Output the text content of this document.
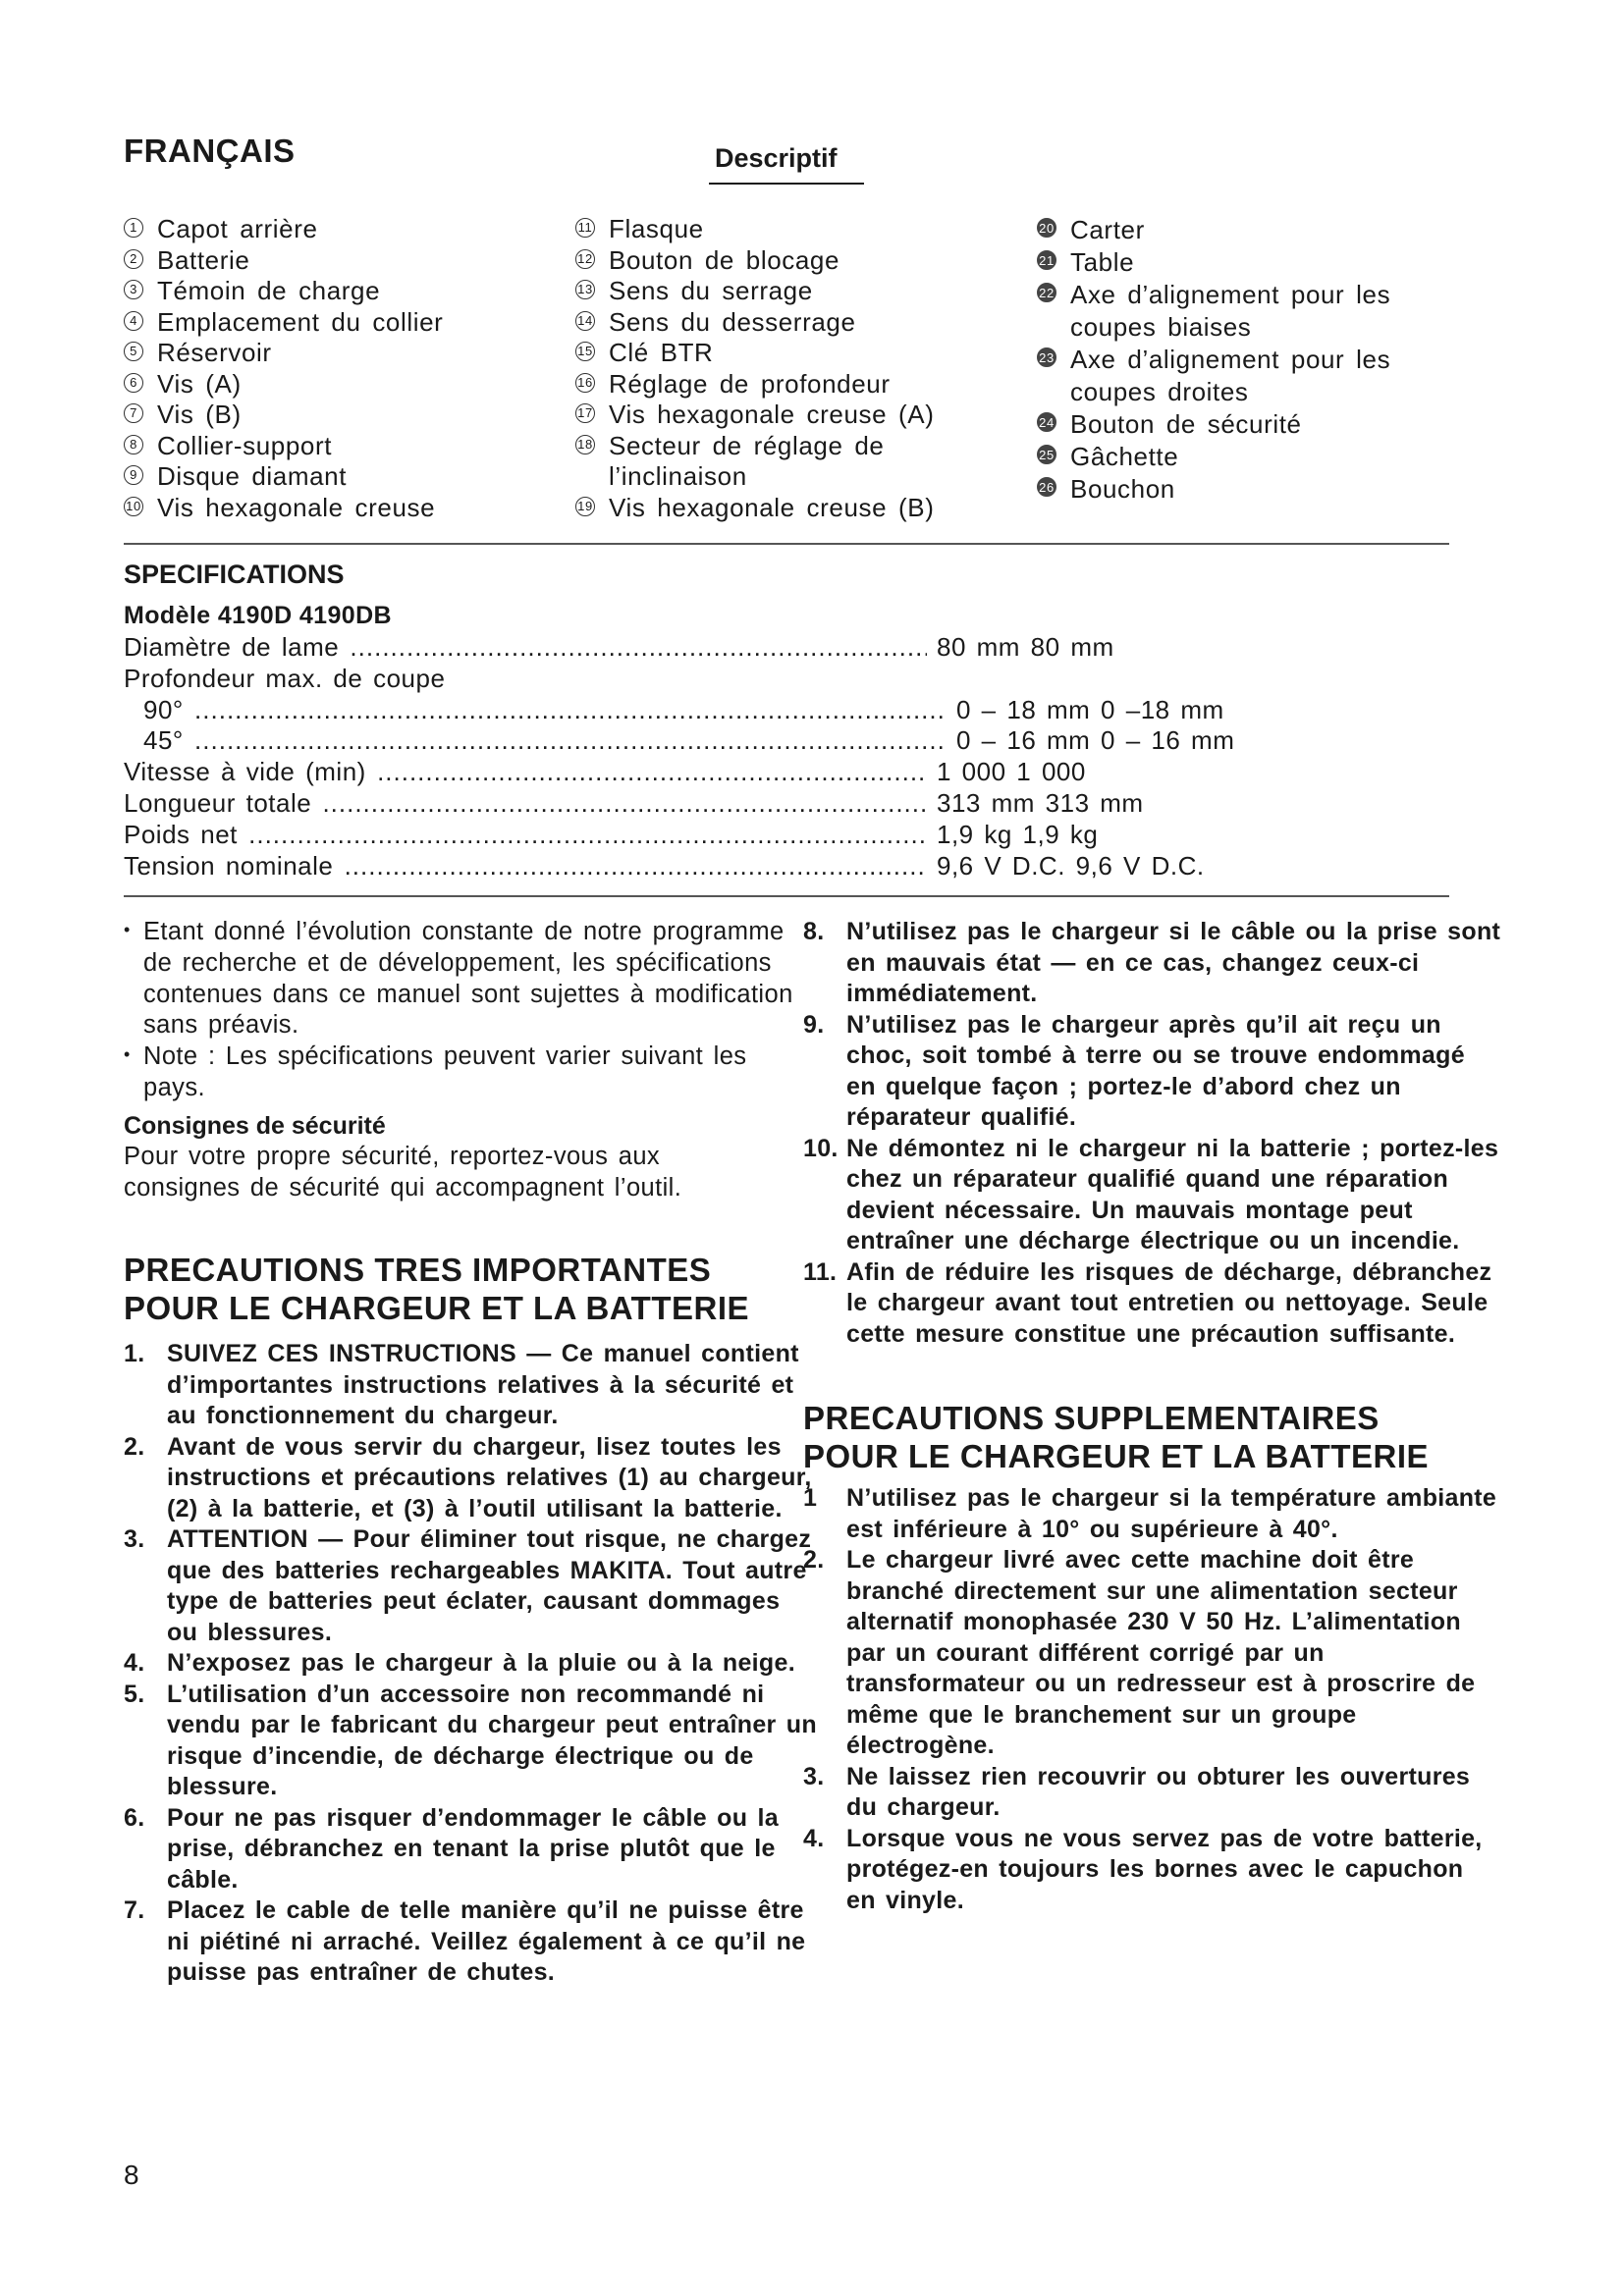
FRANÇAIS	Descriptif
1 Capot arrière
2 Batterie
3 Témoin de charge
4 Emplacement du collier
5 Réservoir
6 Vis (A)
7 Vis (B)
8 Collier-support
9 Disque diamant
10 Vis hexagonale creuse
11 Flasque
12 Bouton de blocage
13 Sens du serrage
14 Sens du desserrage
15 Clé BTR
16 Réglage de profondeur
17 Vis hexagonale creuse (A)
18 Secteur de réglage de l’inclinaison
19 Vis hexagonale creuse (B)
20 Carter
21 Table
22 Axe d’alignement pour les coupes biaises
23 Axe d’alignement pour les coupes droites
24 Bouton de sécurité
25 Gâchette
26 Bouchon
SPECIFICATIONS
Modèle 4190D 4190DB
Diamètre de lame .....	80 mm 80 mm
Profondeur max. de coupe
90° .....	0 – 18 mm 0 –18 mm
45° .....	0 – 16 mm 0 – 16 mm
Vitesse à vide (min) .....	1 000 1 000
Longueur totale .....	313 mm 313 mm
Poids net .....	1,9 kg 1,9 kg
Tension nominale .....	9,6 V D.C. 9,6 V D.C.
• Etant donné l’évolution constante de notre programme de recherche et de développement, les spécifications contenues dans ce manuel sont sujettes à modification sans préavis.
• Note : Les spécifications peuvent varier suivant les pays.
Consignes de sécurité
Pour votre propre sécurité, reportez-vous aux consignes de sécurité qui accompagnent l’outil.
PRECAUTIONS TRES IMPORTANTES
POUR LE CHARGEUR ET LA BATTERIE
1. SUIVEZ CES INSTRUCTIONS — Ce manuel contient d’importantes instructions relatives à la sécurité et au fonctionnement du chargeur.
2. Avant de vous servir du chargeur, lisez toutes les instructions et précautions relatives (1) au chargeur, (2) à la batterie, et (3) à l’outil utilisant la batterie.
3. ATTENTION — Pour éliminer tout risque, ne chargez que des batteries rechargeables MAKITA. Tout autre type de batteries peut éclater, causant dommages ou blessures.
4. N’exposez pas le chargeur à la pluie ou à la neige.
5. L’utilisation d’un accessoire non recommandé ni vendu par le fabricant du chargeur peut entraîner un risque d’incendie, de décharge électrique ou de blessure.
6. Pour ne pas risquer d’endommager le câble ou la prise, débranchez en tenant la prise plutôt que le câble.
7. Placez le cable de telle manière qu’il ne puisse être ni piétiné ni arraché. Veillez également à ce qu’il ne puisse pas entraîner de chutes.
8. N’utilisez pas le chargeur si le câble ou la prise sont en mauvais état — en ce cas, changez ceux-ci immédiatement.
9. N’utilisez pas le chargeur après qu’il ait reçu un choc, soit tombé à terre ou se trouve endommagé en quelque façon ; portez-le d’abord chez un réparateur qualifié.
10. Ne démontez ni le chargeur ni la batterie ; portez-les chez un réparateur qualifié quand une réparation devient nécessaire. Un mauvais montage peut entraîner une décharge électrique ou un incendie.
11. Afin de réduire les risques de décharge, débranchez le chargeur avant tout entretien ou nettoyage. Seule cette mesure constitue une précaution suffisante.
PRECAUTIONS SUPPLEMENTAIRES
POUR LE CHARGEUR ET LA BATTERIE
1	N’utilisez pas le chargeur si la température ambiante est inférieure à 10° ou supérieure à 40°.
2. Le chargeur livré avec cette machine doit être branché directement sur une alimentation secteur alternatif monophasée 230 V 50 Hz. L’alimentation par un courant différent corrigé par un transformateur ou un redresseur est à proscrire de même que le branchement sur un groupe électrogène.
3. Ne laissez rien recouvrir ou obturer les ouvertures du chargeur.
4. Lorsque vous ne vous servez pas de votre batterie, protégez-en toujours les bornes avec le capuchon en vinyle.
8
